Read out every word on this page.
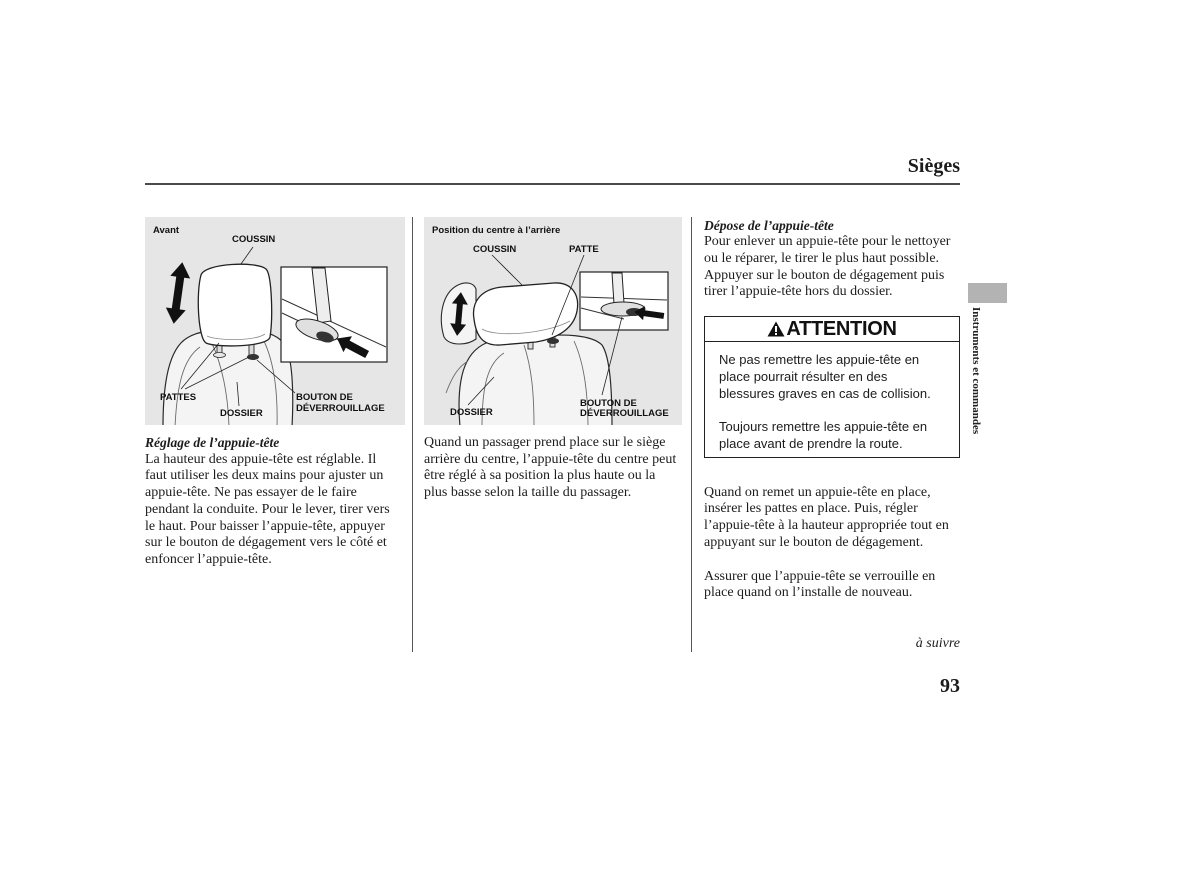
Sièges
Avant
COUSSIN
PATTES
DOSSIER
BOUTON DE
DÉVERROUILLAGE
Position du centre à l’arrière
COUSSIN	PATTE
DOSSIER
BOUTON DE
DÉVERROUILLAGE
Réglage de l’appuie-tête
La hauteur des appuie-tête est réglable. Il
faut utiliser les deux mains pour ajuster un
appuie-tête. Ne pas essayer de le faire
pendant la conduite. Pour le lever, tirer vers
le haut. Pour baisser l’appuie-tête, appuyer
sur le bouton de dégagement vers le côté et
enfoncer l’appuie-tête.
Quand un passager prend place sur le siège
arrière du centre, l’appuie-tête du centre peut
être réglé à sa position la plus haute ou la
plus basse selon la taille du passager.
Dépose de l’appuie-tête
Pour enlever un appuie-tête pour le nettoyer
ou le réparer, le tirer le plus haut possible.
Appuyer sur le bouton de dégagement puis
tirer l’appuie-tête hors du dossier.
ATTENTION
Ne pas remettre les appuie-tête en
place pourrait résulter en des
blessures graves en cas de collision.
Toujours remettre les appuie-tête en
place avant de prendre la route.
Quand on remet un appuie-tête en place,
insérer les pattes en place. Puis, régler
l’appuie-tête à la hauteur appropriée tout en
appuyant sur le bouton de dégagement.
Assurer que l’appuie-tête se verrouille en
place quand on l’installe de nouveau.
à suivre
93
Instruments et commandes
